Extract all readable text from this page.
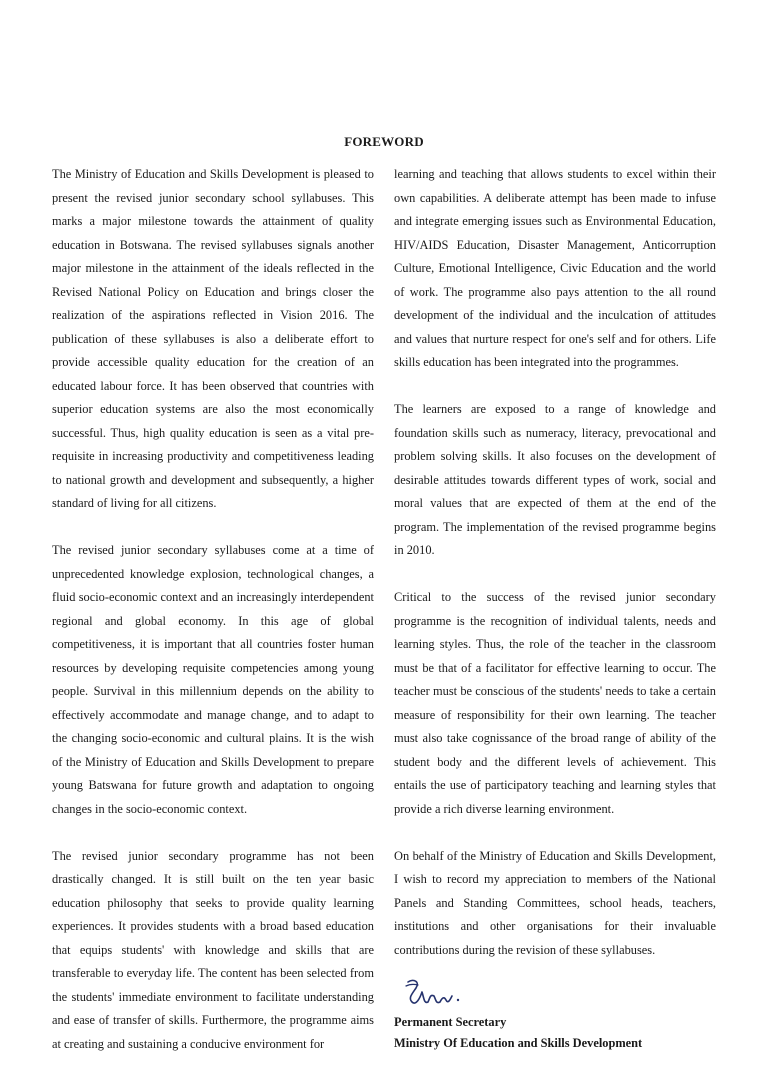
FOREWORD

The Ministry of Education and Skills Development is pleased to present the revised junior secondary school syllabuses. This marks a major milestone towards the attainment of quality education in Botswana. The revised syllabuses signals another major milestone in the attainment of the ideals reflected in the Revised National Policy on Education and brings closer the realization of the aspirations reflected in Vision 2016. The publication of these syllabuses is also a deliberate effort to provide accessible quality education for the creation of an educated labour force. It has been observed that countries with superior education systems are also the most economically successful. Thus, high quality education is seen as a vital pre-requisite in increasing productivity and competitiveness leading to national growth and development and subsequently, a higher standard of living for all citizens.

The revised junior secondary syllabuses come at a time of unprecedented knowledge explosion, technological changes, a fluid socio-economic context and an increasingly interdependent regional and global economy. In this age of global competitiveness, it is important that all countries foster human resources by developing requisite competencies among young people. Survival in this millennium depends on the ability to effectively accommodate and manage change, and to adapt to the changing socio-economic and cultural plains. It is the wish of the Ministry of Education and Skills Development to prepare young Batswana for future growth and adaptation to ongoing changes in the socio-economic context.

The revised junior secondary programme has not been drastically changed. It is still built on the ten year basic education philosophy that seeks to provide quality learning experiences. It provides students with a broad based education that equips students' with knowledge and skills that are transferable to everyday life. The content has been selected from the students' immediate environment to facilitate understanding and ease of transfer of skills. Furthermore, the programme aims at creating and sustaining a conducive environment for

learning and teaching that allows students to excel within their own capabilities. A deliberate attempt has been made to infuse and integrate emerging issues such as Environmental Education, HIV/AIDS Education, Disaster Management, Anticorruption Culture, Emotional Intelligence, Civic Education and the world of work. The programme also pays attention to the all round development of the individual and the inculcation of attitudes and values that nurture respect for one's self and for others. Life skills education has been integrated into the programmes.

The learners are exposed to a range of knowledge and foundation skills such as numeracy, literacy, prevocational and problem solving skills. It also focuses on the development of desirable attitudes towards different types of work, social and moral values that are expected of them at the end of the program. The implementation of the revised programme begins in 2010.

Critical to the success of the revised junior secondary programme is the recognition of individual talents, needs and learning styles. Thus, the role of the teacher in the classroom must be that of a facilitator for effective learning to occur. The teacher must be conscious of the students' needs to take a certain measure of responsibility for their own learning. The teacher must also take cognissance of the broad range of ability of the student body and the different levels of achievement. This entails the use of participatory teaching and learning styles that provide a rich diverse learning environment.

On behalf of the Ministry of Education and Skills Development, I wish to record my appreciation to members of the National Panels and Standing Committees, school heads, teachers, institutions and other organisations for their invaluable contributions during the revision of these syllabuses.

Permanent Secretary
Ministry Of Education and Skills Development
